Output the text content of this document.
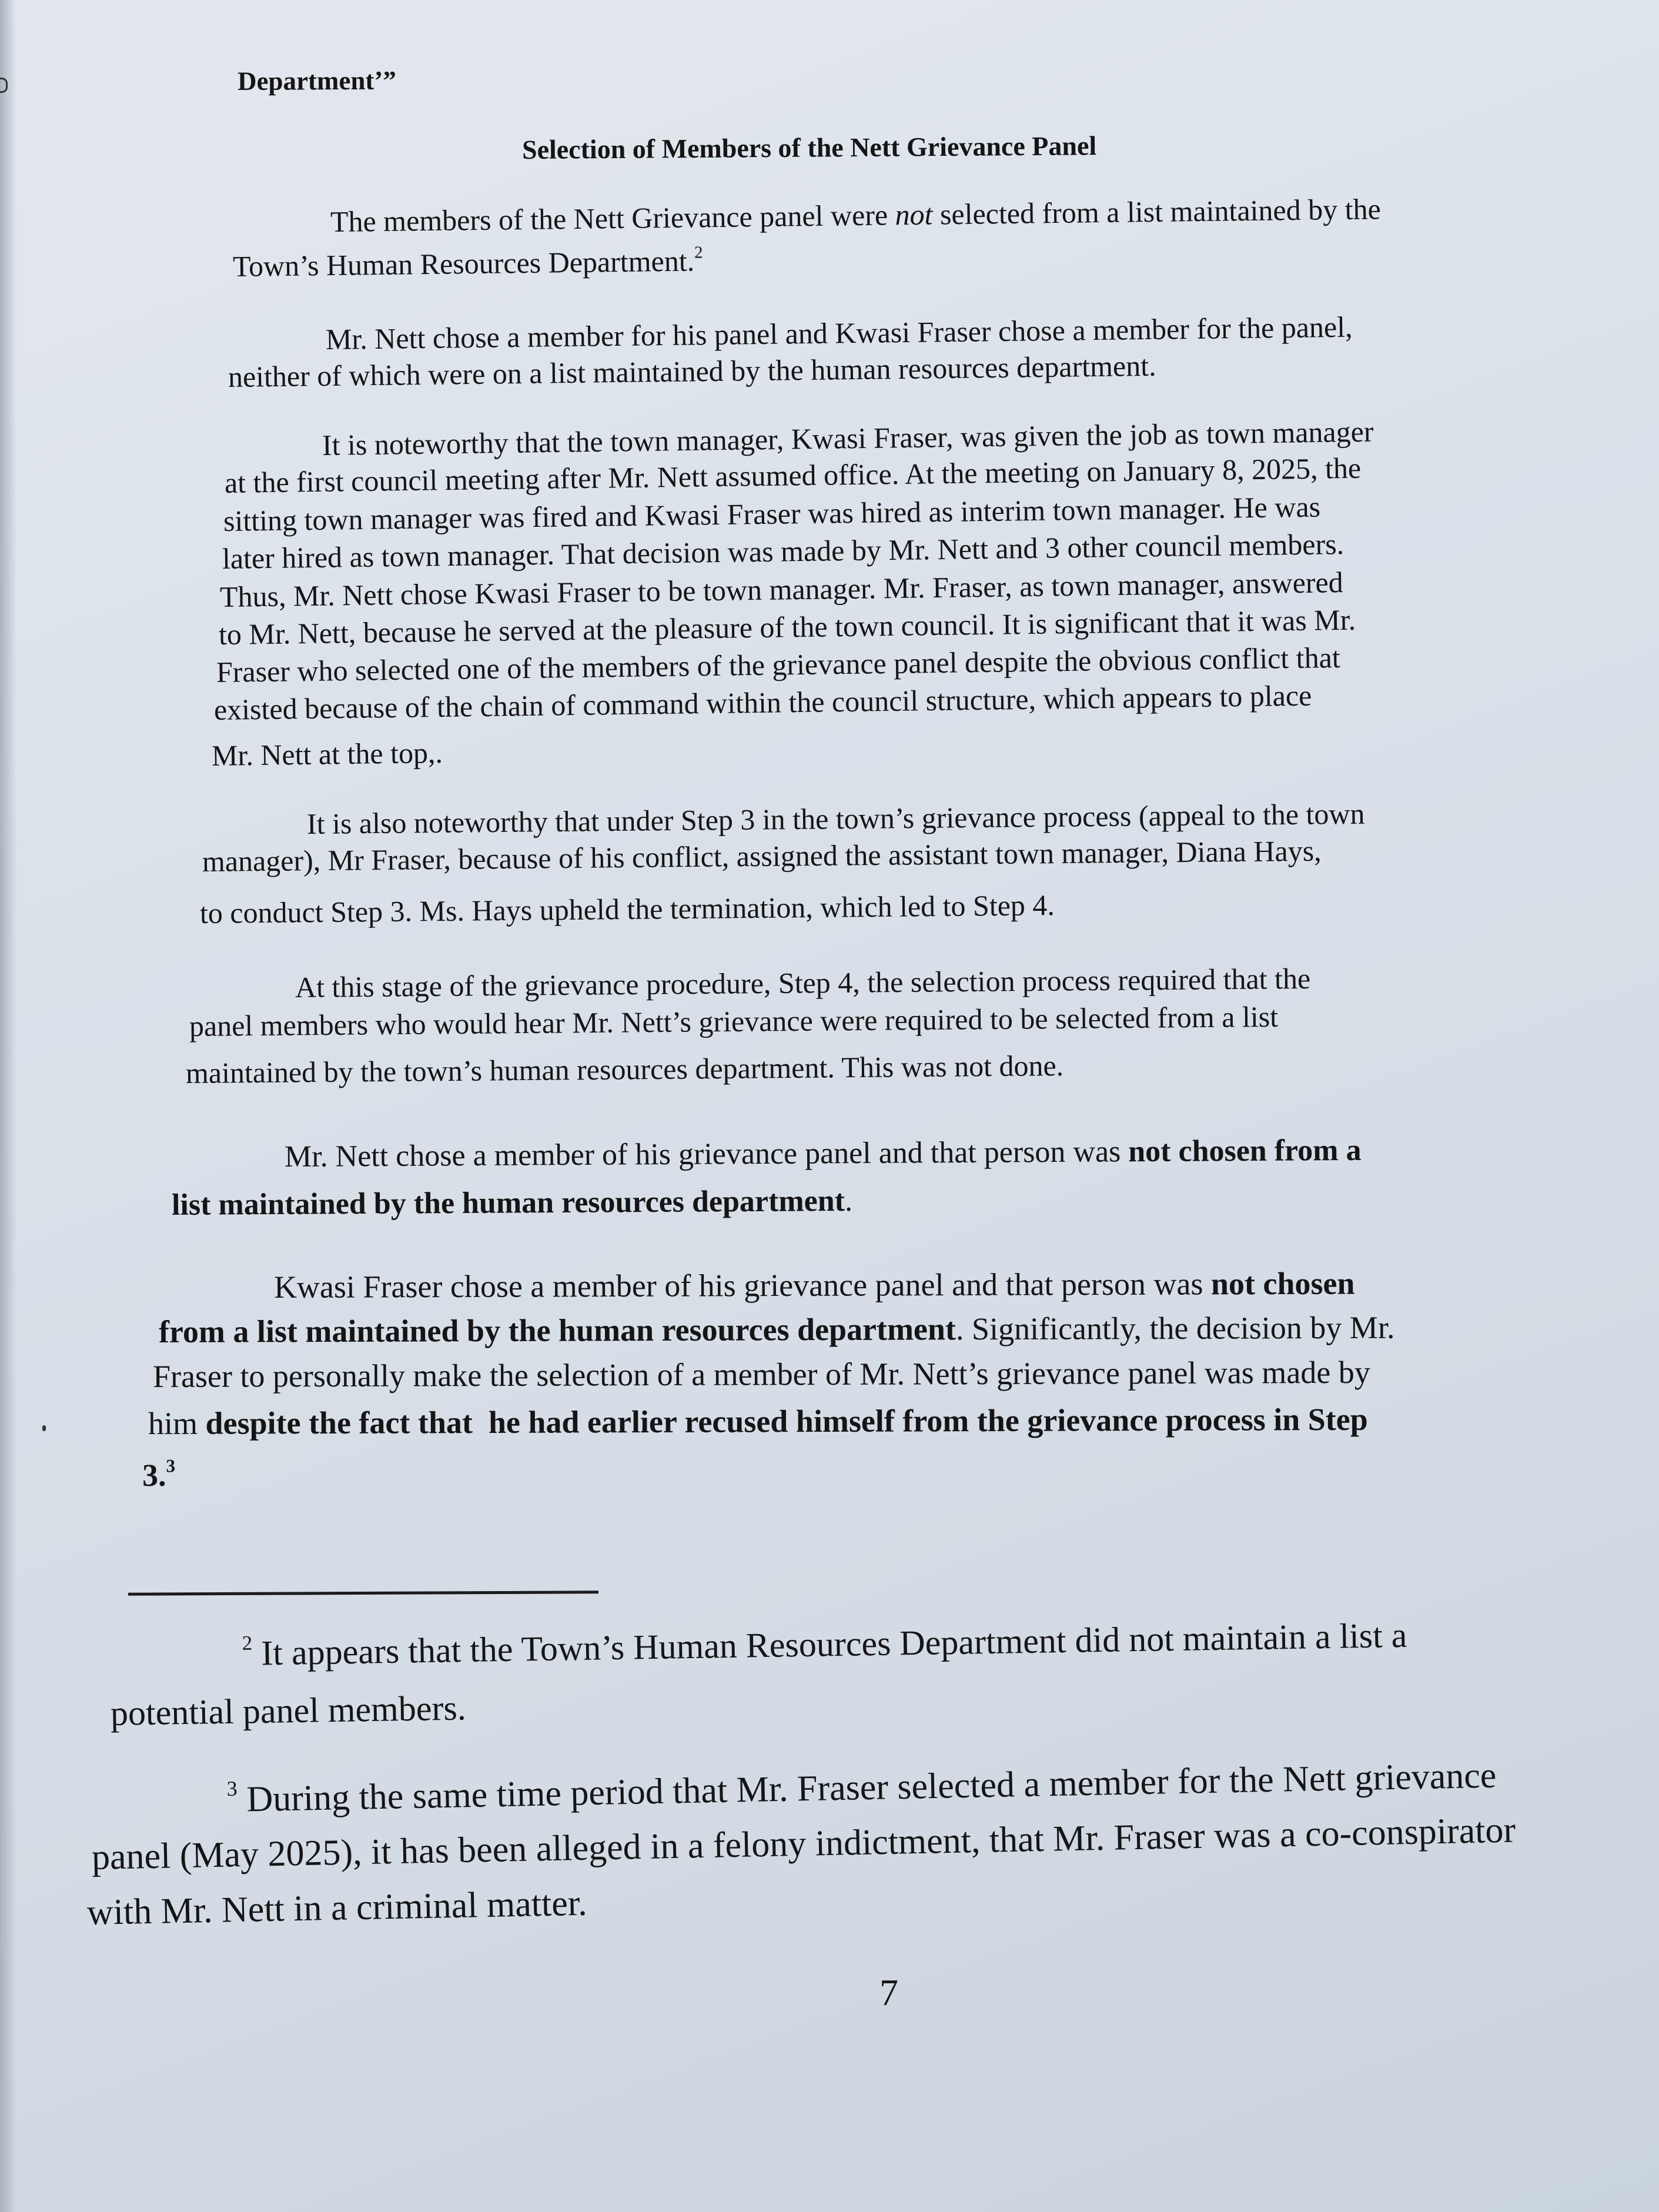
Department’”
Selection of Members of the Nett Grievance Panel
The members of the Nett Grievance panel were not selected from a list maintained by the
Town’s Human Resources Department.$^2$
Mr. Nett chose a member for his panel and Kwasi Fraser chose a member for the panel,
neither of which were on a list maintained by the human resources department.
It is noteworthy that the town manager, Kwasi Fraser, was given the job as town manager
at the first council meeting after Mr. Nett assumed office. At the meeting on January 8, 2025, the
sitting town manager was fired and Kwasi Fraser was hired as interim town manager. He was
later hired as town manager. That decision was made by Mr. Nett and 3 other council members.
Thus, Mr. Nett chose Kwasi Fraser to be town manager. Mr. Fraser, as town manager, answered
to Mr. Nett, because he served at the pleasure of the town council. It is significant that it was Mr.
Fraser who selected one of the members of the grievance panel despite the obvious conflict that
existed because of the chain of command within the council structure, which appears to place
Mr. Nett at the top,.
It is also noteworthy that under Step 3 in the town’s grievance process (appeal to the town
manager), Mr Fraser, because of his conflict, assigned the assistant town manager, Diana Hays,
to conduct Step 3. Ms. Hays upheld the termination, which led to Step 4.
At this stage of the grievance procedure, Step 4, the selection process required that the
panel members who would hear Mr. Nett’s grievance were required to be selected from a list
maintained by the town’s human resources department. This was not done.
Mr. Nett chose a member of his grievance panel and that person was not chosen from a
list maintained by the human resources department.
Kwasi Fraser chose a member of his grievance panel and that person was not chosen
from a list maintained by the human resources department. Significantly, the decision by Mr.
Fraser to personally make the selection of a member of Mr. Nett’s grievance panel was made by
him despite the fact that  he had earlier recused himself from the grievance process in Step
3.$^3$
$^2$ It appears that the Town’s Human Resources Department did not maintain a list a
potential panel members.
$^3$ During the same time period that Mr. Fraser selected a member for the Nett grievance
panel (May 2025), it has been alleged in a felony indictment, that Mr. Fraser was a co-conspirator
with Mr. Nett in a criminal matter.
7
